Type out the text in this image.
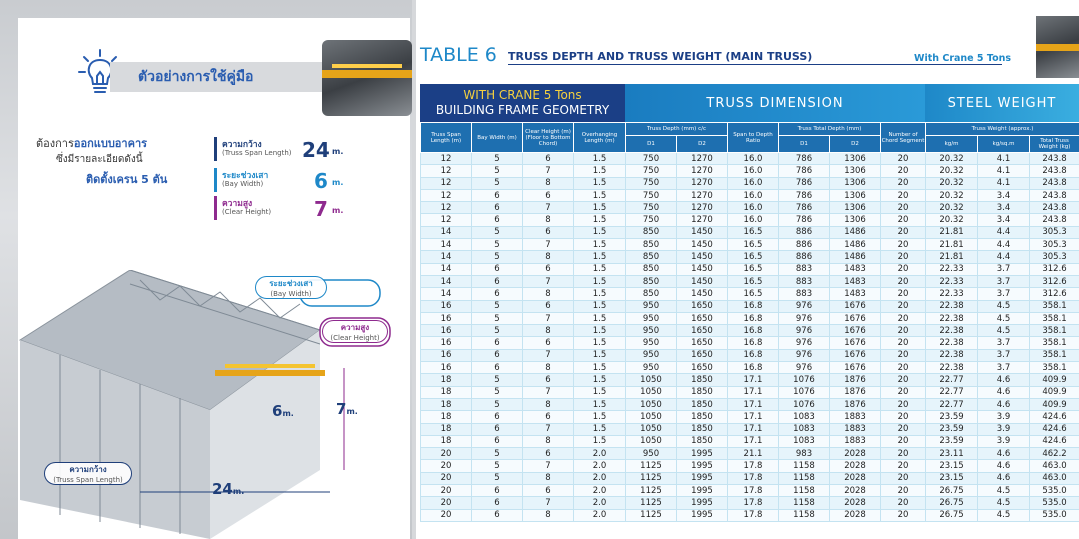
ตัวอย่างการใช้คู่มือ
ต้องการออกแบบอาคาร
ซึ่งมีรายละเอียดดังนี้
ติดตั้งเครน 5 ตัน
ความกว้าง
(Truss Span Length) 24 m.
ระยะช่วงเสา
(Bay Width)	6 m.
ความสูง
(Clear Height) 7 m.
ระยะช่วงเสา
(Bay Width)
ความสูง
(Clear Height)
ความกว้าง
(Truss Span Length)
6m.	7m.
24m.
TABLE 6 TRUSS DEPTH AND TRUSS WEIGHT (MAIN TRUSS)	With Crane 5 Tons
WITH CRANE 5 Tons
BUILDING FRAME GEOMETRY	TRUSS DIMENSION	STEEL WEIGHT
Truss Span Length (m)	Bay Width (m)	Clear Height (m) (Floor to Bottom Chord)	Overhanging Length (m)	Truss Depth (mm) c/c		Span to Depth Ratio	Truss Total Depth (mm)		Number of Chord Segment	Truss Weight (approx.)		
				D1	D2		D1	D2		kg/m	kg/sq.m	Total Truss Weight (kg)
12	5	6	1.5	750	1270	16.0	786	1306	20	20.32	4.1	243.8
12	5	7	1.5	750	1270	16.0	786	1306	20	20.32	4.1	243.8
12	5	8	1.5	750	1270	16.0	786	1306	20	20.32	4.1	243.8
12	6	6	1.5	750	1270	16.0	786	1306	20	20.32	3.4	243.8
12	6	7	1.5	750	1270	16.0	786	1306	20	20.32	3.4	243.8
12	6	8	1.5	750	1270	16.0	786	1306	20	20.32	3.4	243.8
14	5	6	1.5	850	1450	16.5	886	1486	20	21.81	4.4	305.3
14	5	7	1.5	850	1450	16.5	886	1486	20	21.81	4.4	305.3
14	5	8	1.5	850	1450	16.5	886	1486	20	21.81	4.4	305.3
14	6	6	1.5	850	1450	16.5	883	1483	20	22.33	3.7	312.6
14	6	7	1.5	850	1450	16.5	883	1483	20	22.33	3.7	312.6
14	6	8	1.5	850	1450	16.5	883	1483	20	22.33	3.7	312.6
16	5	6	1.5	950	1650	16.8	976	1676	20	22.38	4.5	358.1
16	5	7	1.5	950	1650	16.8	976	1676	20	22.38	4.5	358.1
16	5	8	1.5	950	1650	16.8	976	1676	20	22.38	4.5	358.1
16	6	6	1.5	950	1650	16.8	976	1676	20	22.38	3.7	358.1
16	6	7	1.5	950	1650	16.8	976	1676	20	22.38	3.7	358.1
16	6	8	1.5	950	1650	16.8	976	1676	20	22.38	3.7	358.1
18	5	6	1.5	1050	1850	17.1	1076	1876	20	22.77	4.6	409.9
18	5	7	1.5	1050	1850	17.1	1076	1876	20	22.77	4.6	409.9
18	5	8	1.5	1050	1850	17.1	1076	1876	20	22.77	4.6	409.9
18	6	6	1.5	1050	1850	17.1	1083	1883	20	23.59	3.9	424.6
18	6	7	1.5	1050	1850	17.1	1083	1883	20	23.59	3.9	424.6
18	6	8	1.5	1050	1850	17.1	1083	1883	20	23.59	3.9	424.6
20	5	6	2.0	950	1995	21.1	983	2028	20	23.11	4.6	462.2
20	5	7	2.0	1125	1995	17.8	1158	2028	20	23.15	4.6	463.0
20	5	8	2.0	1125	1995	17.8	1158	2028	20	23.15	4.6	463.0
20	6	6	2.0	1125	1995	17.8	1158	2028	20	26.75	4.5	535.0
20	6	7	2.0	1125	1995	17.8	1158	2028	20	26.75	4.5	535.0
20	6	8	2.0	1125	1995	17.8	1158	2028	20	26.75	4.5	535.0
